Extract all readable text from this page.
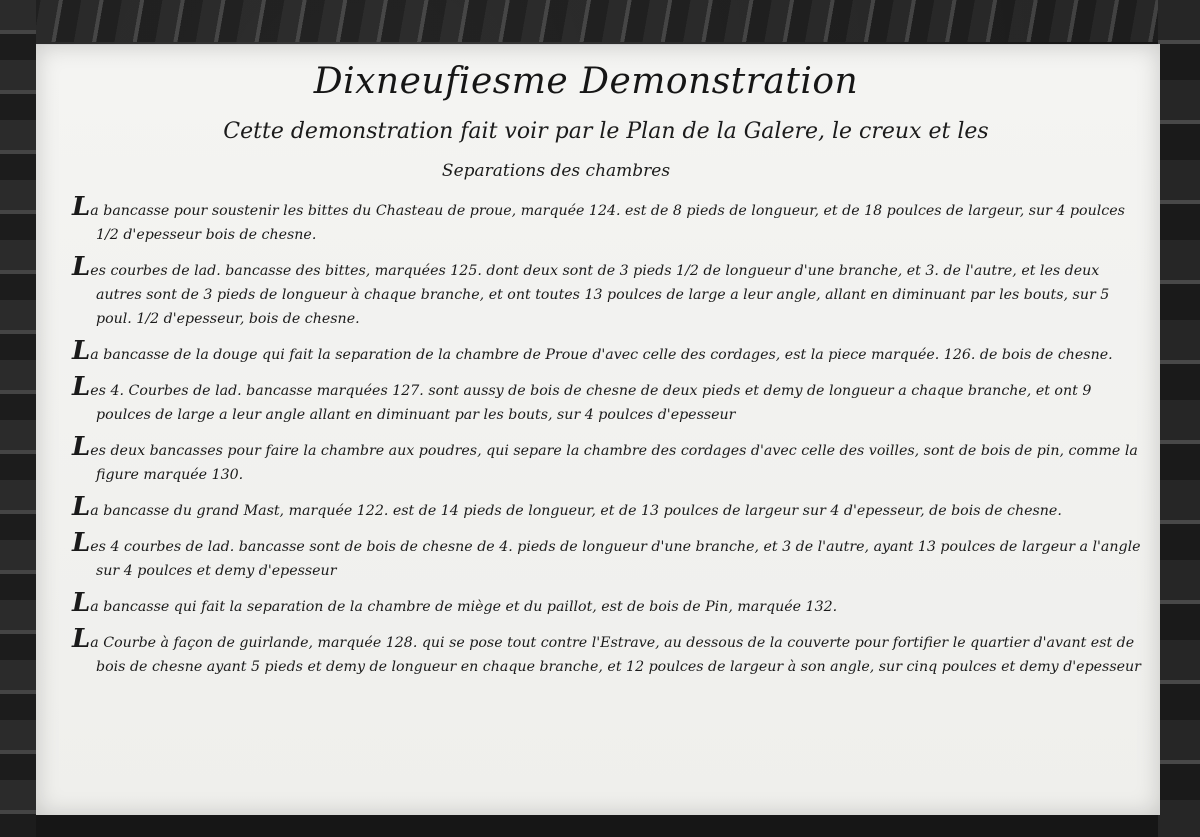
Dixneufiesme Demonstration

Cette demonstration fait voir par le Plan de la Galere, le creux et les

Separations des chambres

La bancasse pour soustenir les bittes du Chasteau de proue, marquée 124. est de 8 pieds de longueur, et de 18 poulces de largeur, sur 4 poulces 1/2 d'epesseur bois de chesne.
Les courbes de lad. bancasse des bittes, marquées 125. dont deux sont de 3 pieds 1/2 de longueur d'une branche, et 3. de l'autre, et les deux autres sont de 3 pieds de longueur à chaque branche, et ont toutes 13 poulces de large a leur angle, allant en diminuant par les bouts, sur 5 poul. 1/2 d'epesseur, bois de chesne.
La bancasse de la douge qui fait la separation de la chambre de Proue d'avec celle des cordages, est la piece marquée. 126. de bois de chesne.
Les 4. Courbes de lad. bancasse marquées 127. sont aussy de bois de chesne de deux pieds et demy de longueur a chaque branche, et ont 9 poulces de large a leur angle allant en diminuant par les bouts, sur 4 poulces d'epesseur
Les deux bancasses pour faire la chambre aux poudres, qui separe la chambre des cordages d'avec celle des voilles, sont de bois de pin, comme la figure marquée 130.
La bancasse du grand Mast, marquée 122. est de 14 pieds de longueur, et de 13 poulces de largeur sur 4 d'epesseur, de bois de chesne.
Les 4 courbes de lad. bancasse sont de bois de chesne de 4. pieds de longueur d'une branche, et 3 de l'autre, ayant 13 poulces de largeur a l'angle sur 4 poulces et demy d'epesseur
La bancasse qui fait la separation de la chambre de miège et du paillot, est de bois de Pin, marquée 132.
La Courbe à façon de guirlande, marquée 128. qui se pose tout contre l'Estrave, au dessous de la couverte pour fortifier le quartier d'avant est de bois de chesne ayant 5 pieds et demy de longueur en chaque branche, et 12 poulces de largeur à son angle, sur cinq poulces et demy d'epesseur
